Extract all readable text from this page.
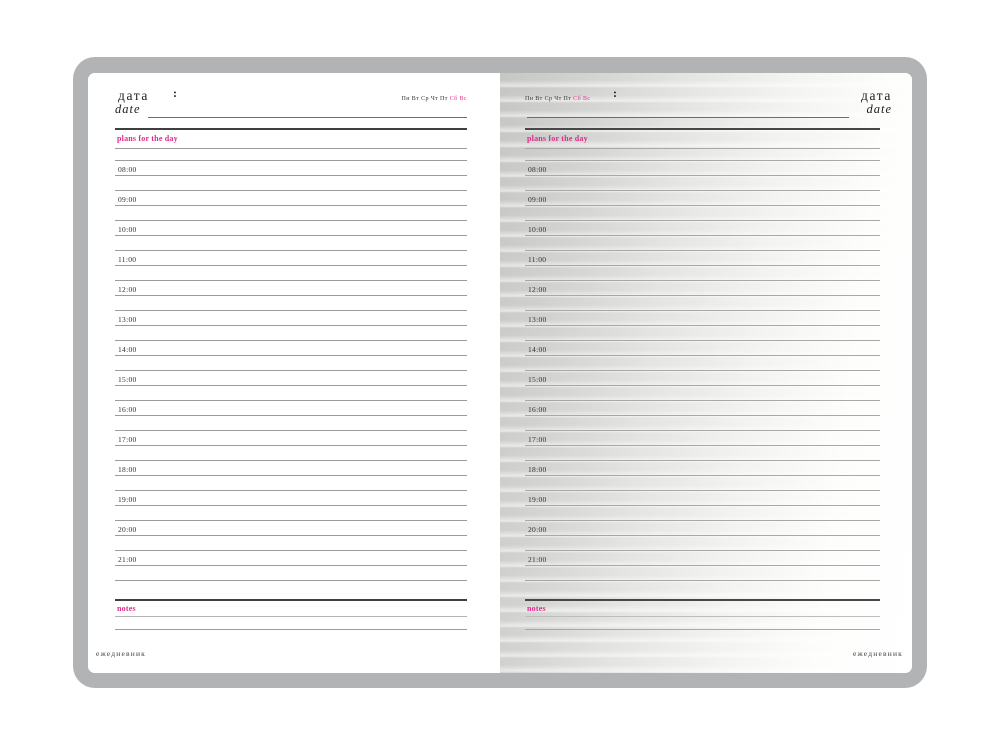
дата :
date
Пн Вт Ср Чт Пт Сб Вс
plans for the day
08:00
09:00
10:00
11:00
12:00
13:00
14:00
15:00
16:00
17:00
18:00
19:00
20:00
21:00
notes
ежедневник
Пн Вт Ср Чт Пт Сб Вс :	дата
date
plans for the day
08:00
09:00
10:00
11:00
12:00
13:00
14:00
15:00
16:00
17:00
18:00
19:00
20:00
21:00
notes
ежедневник
